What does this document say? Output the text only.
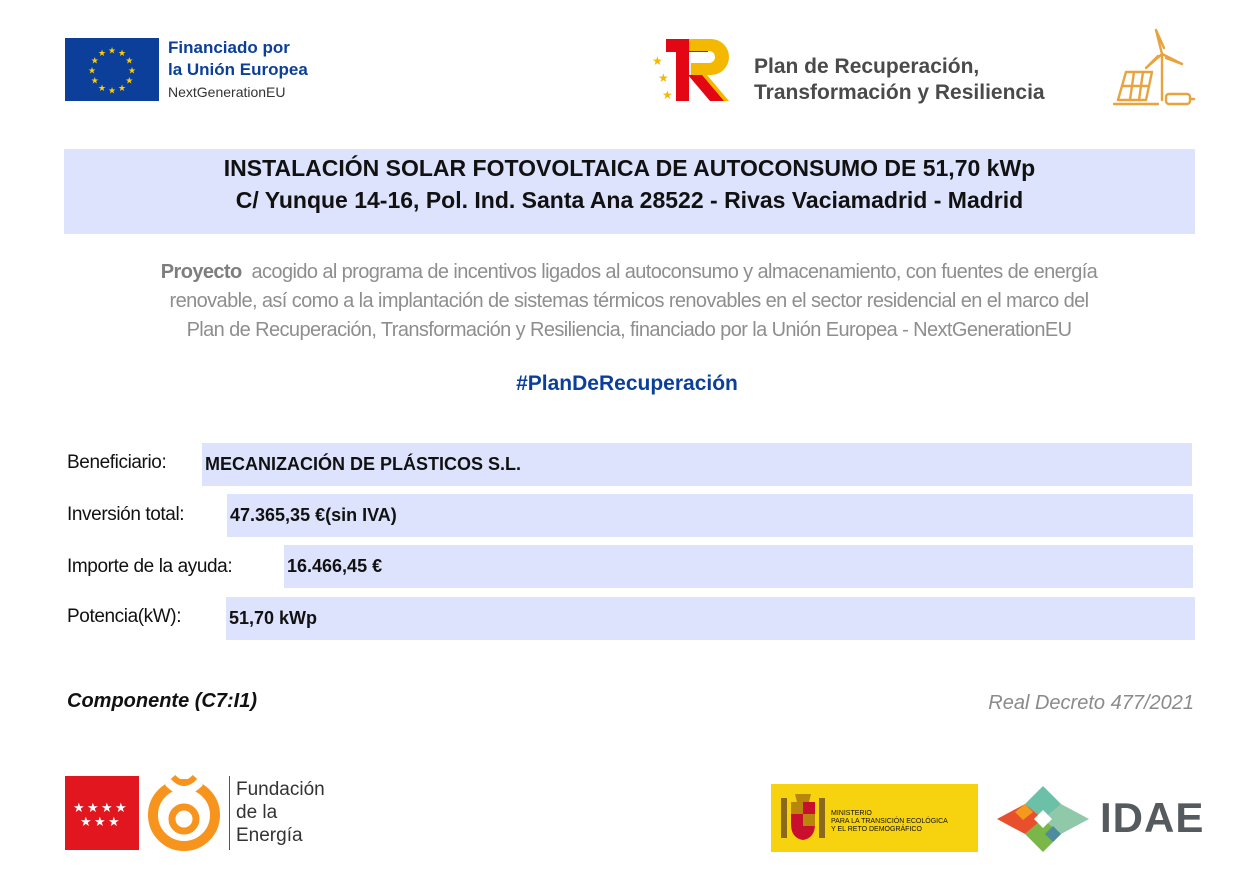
★ ★
★
★
★
★
★
★
★
★
★
★	Financiado por
la Unión Europea
NextGenerationEU
★
★
★
Plan de Recuperación,
Transformación y Resiliencia
INSTALACIÓN SOLAR FOTOVOLTAICA DE AUTOCONSUMO DE 51,70 kWp
C/ Yunque 14-16, Pol. Ind. Santa Ana 28522 - Rivas Vaciamadrid - Madrid
Proyecto acogido al programa de incentivos ligados al autoconsumo y almacenamiento, con fuentes de energía
renovable, así como a la implantación de sistemas térmicos renovables en el sector residencial en el marco del
Plan de Recuperación, Transformación y Resiliencia, financiado por la Unión Europea - NextGenerationEU
#PlanDeRecuperación
Beneficiario: MECANIZACIÓN DE PLÁSTICOS S.L.
Inversión total:	47.365,35 €(sin IVA)
Importe de la ayuda:	16.466,45 €
Potencia(kW):	51,70 kWp
Componente (C7:I1)	Real Decreto 477/2021
★ ★ ★ ★
★ ★ ★
Fundación
de la
Energía
MINISTERIO
PARA LA TRANSICIÓN ECOLÓGICA
Y EL RETO DEMOGRÁFICO	IDAE
